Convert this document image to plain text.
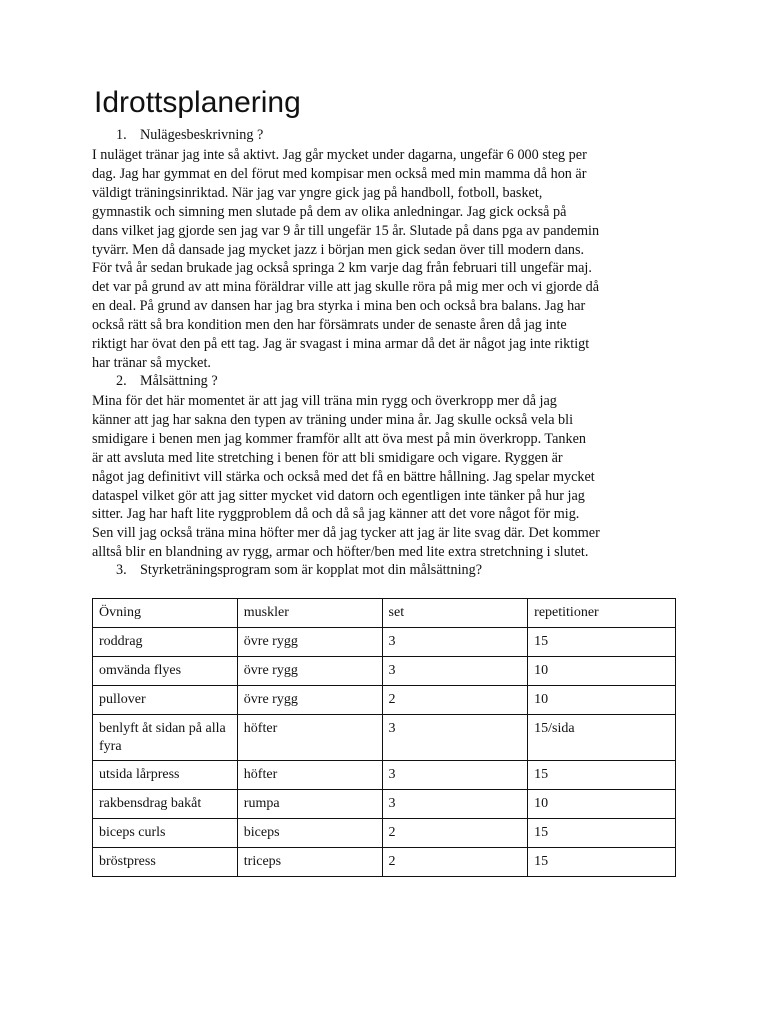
Idrottsplanering
1. Nulägesbeskrivning ?
I nuläget tränar jag inte så aktivt. Jag går mycket under dagarna, ungefär 6 000 steg per
dag. Jag har gymmat en del förut med kompisar men också med min mamma då hon är
väldigt träningsinriktad. När jag var yngre gick jag på handboll, fotboll, basket,
gymnastik och simning men slutade på dem av olika anledningar. Jag gick också på
dans vilket jag gjorde sen jag var 9 år till ungefär 15 år. Slutade på dans pga av pandemin
tyvärr. Men då dansade jag mycket jazz i början men gick sedan över till modern dans.
För två år sedan brukade jag också springa 2 km varje dag från februari till ungefär maj.
det var på grund av att mina föräldrar ville att jag skulle röra på mig mer och vi gjorde då
en deal. På grund av dansen har jag bra styrka i mina ben och också bra balans. Jag har
också rätt så bra kondition men den har försämrats under de senaste åren då jag inte
riktigt har övat den på ett tag. Jag är svagast i mina armar då det är något jag inte riktigt
har tränar så mycket.
2. Målsättning ?
Mina för det här momentet är att jag vill träna min rygg och överkropp mer då jag
känner att jag har sakna den typen av träning under mina år. Jag skulle också vela bli
smidigare i benen men jag kommer framför allt att öva mest på min överkropp. Tanken
är att avsluta med lite stretching i benen för att bli smidigare och vigare. Ryggen är
något jag definitivt vill stärka och också med det få en bättre hållning. Jag spelar mycket
dataspel vilket gör att jag sitter mycket vid datorn och egentligen inte tänker på hur jag
sitter. Jag har haft lite ryggproblem då och då så jag känner att det vore något för mig.
Sen vill jag också träna mina höfter mer då jag tycker att jag är lite svag där. Det kommer
alltså blir en blandning av rygg, armar och höfter/ben med lite extra stretchning i slutet.
3. Styrketräningsprogram som är kopplat mot din målsättning?
Övning	muskler	set	repetitioner
roddrag	övre rygg	3	15
omvända flyes	övre rygg	3	10
pullover	övre rygg	2	10
benlyft åt sidan på alla fyra	höfter	3	15/sida
utsida lårpress	höfter	3	15
rakbensdrag bakåt	rumpa	3	10
biceps curls	biceps	2	15
bröstpress	triceps	2	15
